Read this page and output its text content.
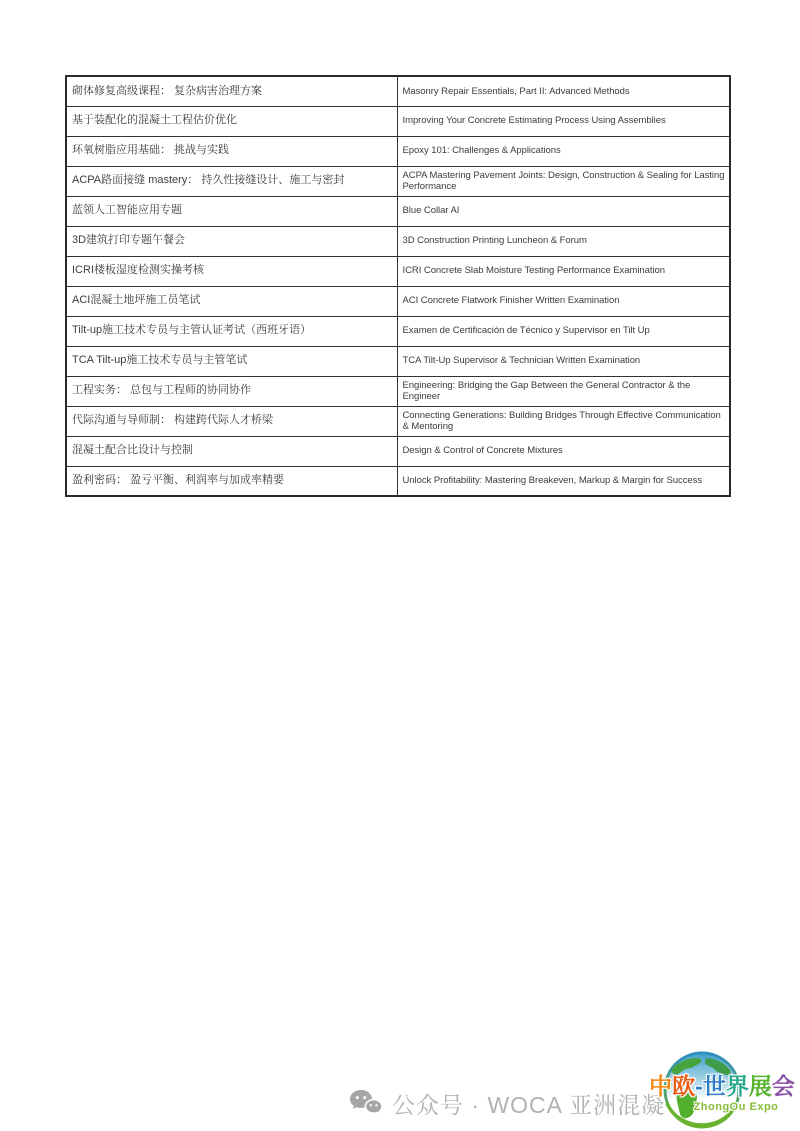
砌体修复高级课程： 复杂病害治理方案	Masonry Repair Essentials, Part II: Advanced Methods
基于装配化的混凝土工程估价优化	Improving Your Concrete Estimating Process Using Assemblies
环氧树脂应用基础： 挑战与实践	Epoxy 101: Challenges & Applications
ACPA路面接缝 mastery： 持久性接缝设计、施工与密封	ACPA Mastering Pavement Joints: Design, Construction & Sealing for Lasting Performance
蓝领人工智能应用专题	Blue Collar AI
3D建筑打印专题午餐会	3D Construction Printing Luncheon & Forum
ICRI楼板湿度检测实操考核	ICRI Concrete Slab Moisture Testing Performance Examination
ACI混凝土地坪施工员笔试	ACI Concrete Flatwork Finisher Written Examination
Tilt-up施工技术专员与主管认证考试（西班牙语）	Examen de Certificación de Técnico y Supervisor en Tilt Up
TCA Tilt-up施工技术专员与主管笔试	TCA Tilt-Up Supervisor & Technician Written Examination
工程实务： 总包与工程师的协同协作	Engineering: Bridging the Gap Between the General Contractor & the Engineer
代际沟通与导师制： 构建跨代际人才桥梁	Connecting Generations: Building Bridges Through Effective Communication & Mentoring
混凝土配合比设计与控制	Design & Control of Concrete Mixtures
盈利密码： 盈亏平衡、利润率与加成率精要	Unlock Profitability: Mastering Breakeven, Markup & Margin for Success
公众号 · WOCA 亚洲混凝
中欧-世界展会
ZhongOu Expo
